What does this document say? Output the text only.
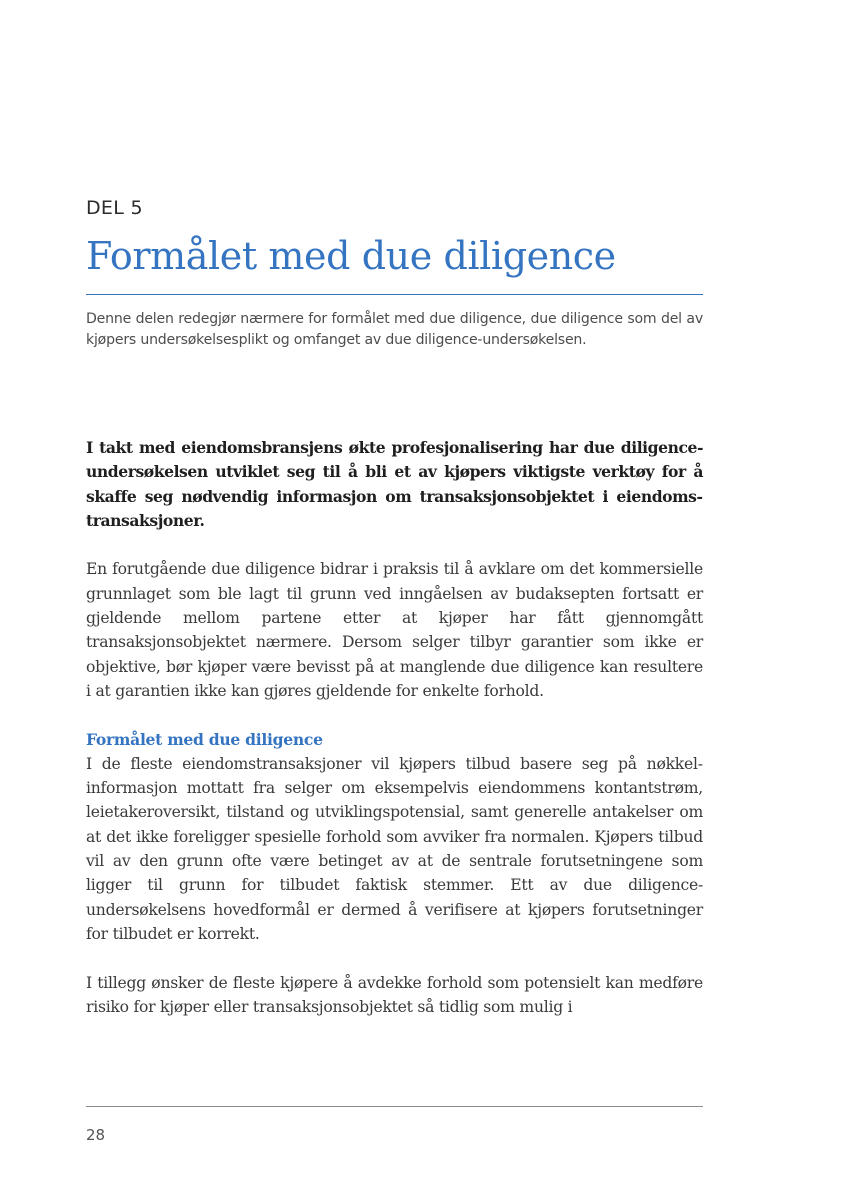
DEL 5
Formålet med due diligence

Denne delen redegjør nærmere for formålet med due diligence, due diligence som del av kjøpers undersøkelsesplikt og omfanget av due diligence-undersøkelsen.

I takt med eiendomsbransjens økte profesjonalisering har due diligence-undersøkelsen utviklet seg til å bli et av kjøpers viktigste verktøy for å skaffe seg nødvendig informasjon om transaksjonsobjektet i eiendomstransaksjoner.

En forutgående due diligence bidrar i praksis til å avklare om det kommersielle grunnlaget som ble lagt til grunn ved inngåelsen av budaksepten fortsatt er gjeldende mellom partene etter at kjøper har fått gjennomgått transaksjonsobjektet nærmere. Dersom selger tilbyr garantier som ikke er objektive, bør kjøper være bevisst på at manglende due diligence kan resultere i at garantien ikke kan gjøres gjeldende for enkelte forhold.

Formålet med due diligence

I de fleste eiendomstransaksjoner vil kjøpers tilbud basere seg på nøkkelinformasjon mottatt fra selger om eksempelvis eiendommens kontantstrøm, leietakeroversikt, tilstand og utviklingspotensial, samt generelle antakelser om at det ikke foreligger spesielle forhold som avviker fra normalen. Kjøpers tilbud vil av den grunn ofte være betinget av at de sentrale forutsetningene som ligger til grunn for tilbudet faktisk stemmer. Ett av due diligence-undersøkelsens hovedformål er dermed å verifisere at kjøpers forutsetninger for tilbudet er korrekt.

I tillegg ønsker de fleste kjøpere å avdekke forhold som potensielt kan medføre risiko for kjøper eller transaksjonsobjektet så tidlig som mulig i

28
